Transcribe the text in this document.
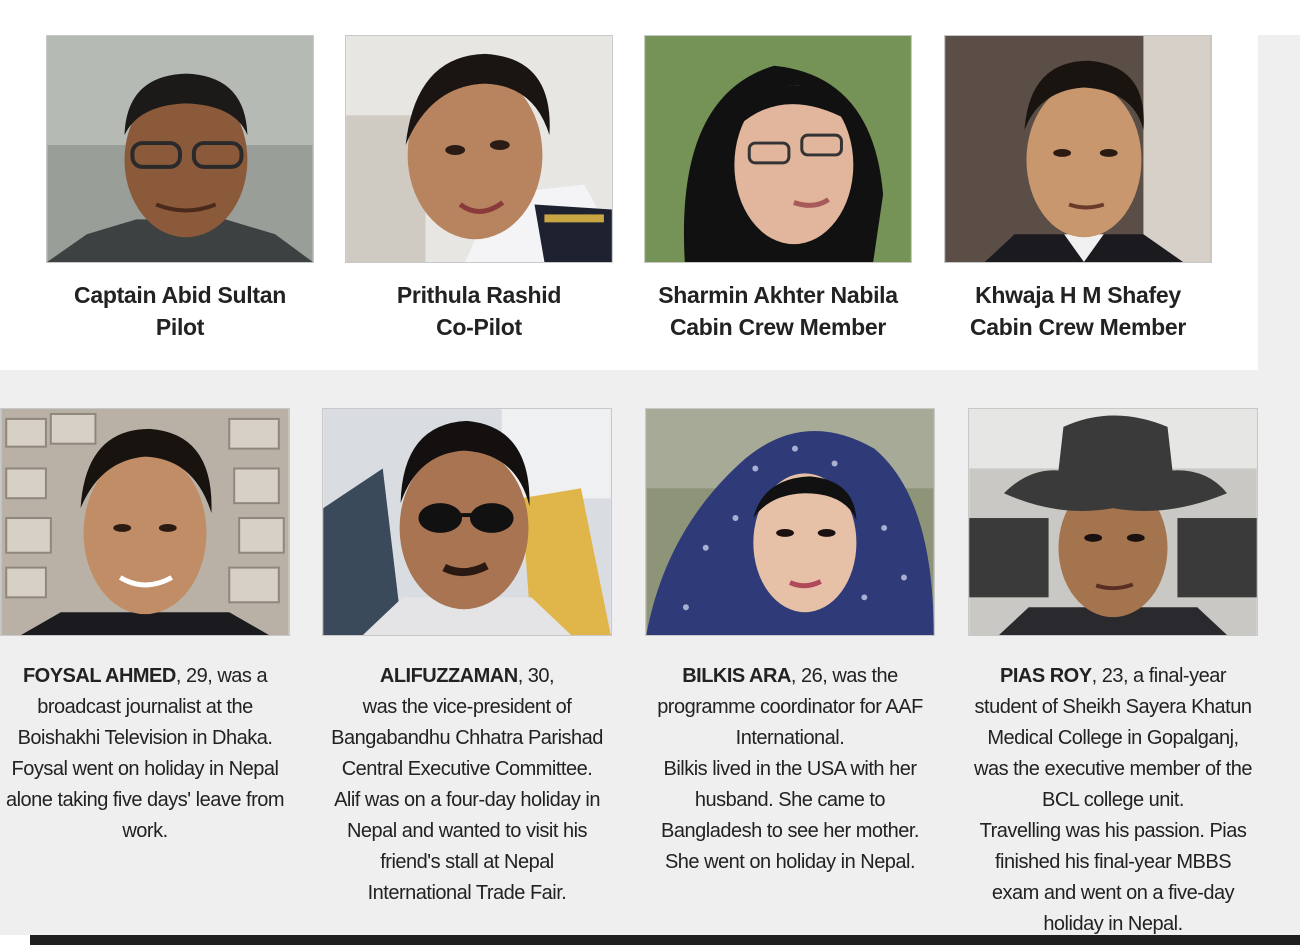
Captain Abid Sultan
Pilot
Prithula Rashid
Co-Pilot
Sharmin Akhter Nabila
Cabin Crew Member
Khwaja H M Shafey
Cabin Crew Member
FOYSAL AHMED, 29, was a
broadcast journalist at the
Boishakhi Television in Dhaka.
Foysal went on holiday in Nepal
alone taking five days' leave from
work.
ALIFUZZAMAN, 30,
was the vice-president of
Bangabandhu Chhatra Parishad
Central Executive Committee.
Alif was on a four-day holiday in
Nepal and wanted to visit his
friend's stall at Nepal
International Trade Fair.
BILKIS ARA, 26, was the
programme coordinator for AAF
International.
Bilkis lived in the USA with her
husband. She came to
Bangladesh to see her mother.
She went on holiday in Nepal.
PIAS ROY, 23, a final-year
student of Sheikh Sayera Khatun
Medical College in Gopalganj,
was the executive member of the
BCL college unit.
Travelling was his passion. Pias
finished his final-year MBBS
exam and went on a five-day
holiday in Nepal.
